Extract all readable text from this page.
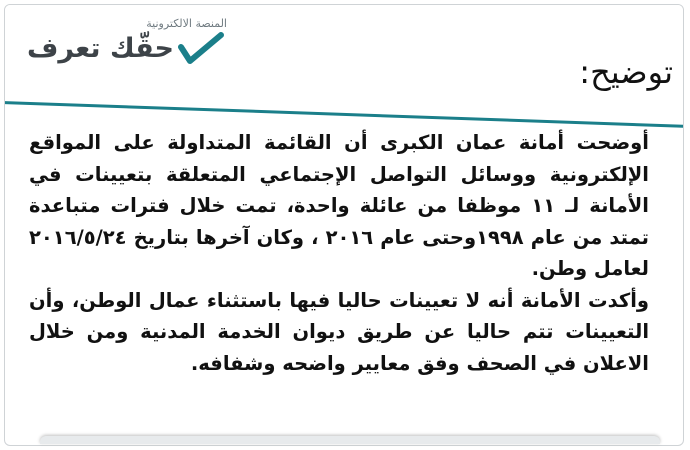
المنصة الالكترونية
حقّك تعرف
توضيح:

أوضحت أمانة عمان الكبرى أن القائمة المتداولة على المواقع الإلكترونية ووسائل التواصل الإجتماعي المتعلقة بتعيينات في الأمانة لـ ١١ موظفا من عائلة واحدة، تمت خلال فترات متباعدة تمتد من عام ١٩٩٨وحتى عام ٢٠١٦ ، وكان آخرها بتاريخ ٢٠١٦/٥/٢٤ لعامل وطن.

وأكدت الأمانة أنه لا تعيينات حاليا فيها باستثناء عمال الوطن، وأن التعيينات تتم حاليا عن طريق ديوان الخدمة المدنية ومن خلال الاعلان في الصحف وفق معايير واضحه وشفافه.
